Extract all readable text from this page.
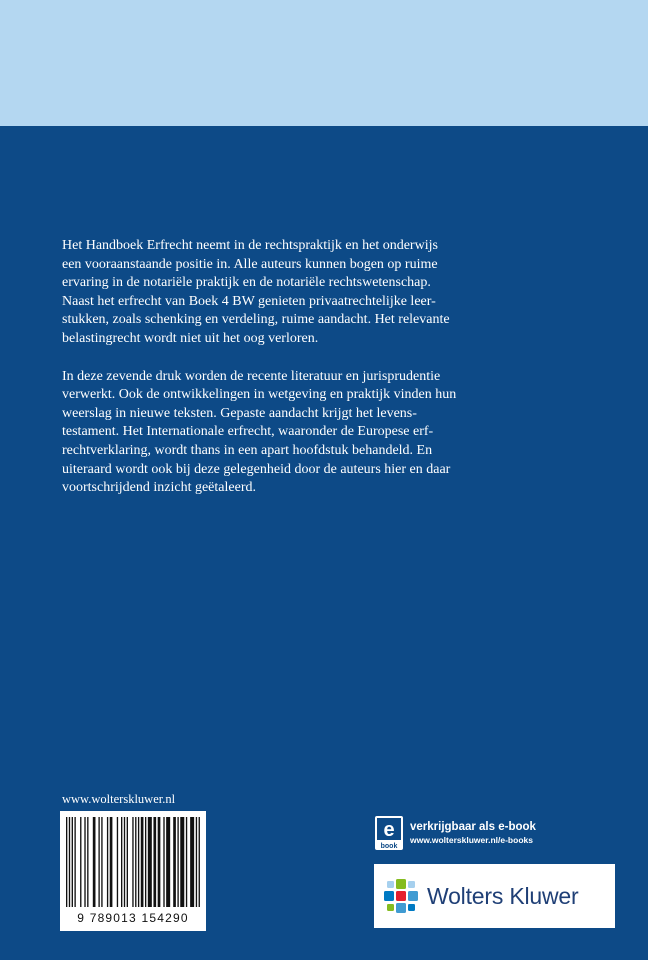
Het Handboek Erfrecht neemt in de rechtspraktijk en het onderwijs
een vooraanstaande positie in. Alle auteurs kunnen bogen op ruime
ervaring in de notariële praktijk en de notariële rechtswetenschap.
Naast het erfrecht van Boek 4 BW genieten privaatrechtelijke leer-
stukken, zoals schenking en verdeling, ruime aandacht. Het relevante
belastingrecht wordt niet uit het oog verloren.

In deze zevende druk worden de recente literatuur en jurisprudentie
verwerkt. Ook de ontwikkelingen in wetgeving en praktijk vinden hun
weerslag in nieuwe teksten. Gepaste aandacht krijgt het levens-
testament. Het Internationale erfrecht, waaronder de Europese erf-
rechtverklaring, wordt thans in een apart hoofdstuk behandeld. En
uiteraard wordt ook bij deze gelegenheid door de auteurs hier en daar
voortschrijdend inzicht geëtaleerd.

www.wolterskluwer.nl
9 789013 154290
e
book
verkrijgbaar als e-book
www.wolterskluwer.nl/e-books
Wolters Kluwer
